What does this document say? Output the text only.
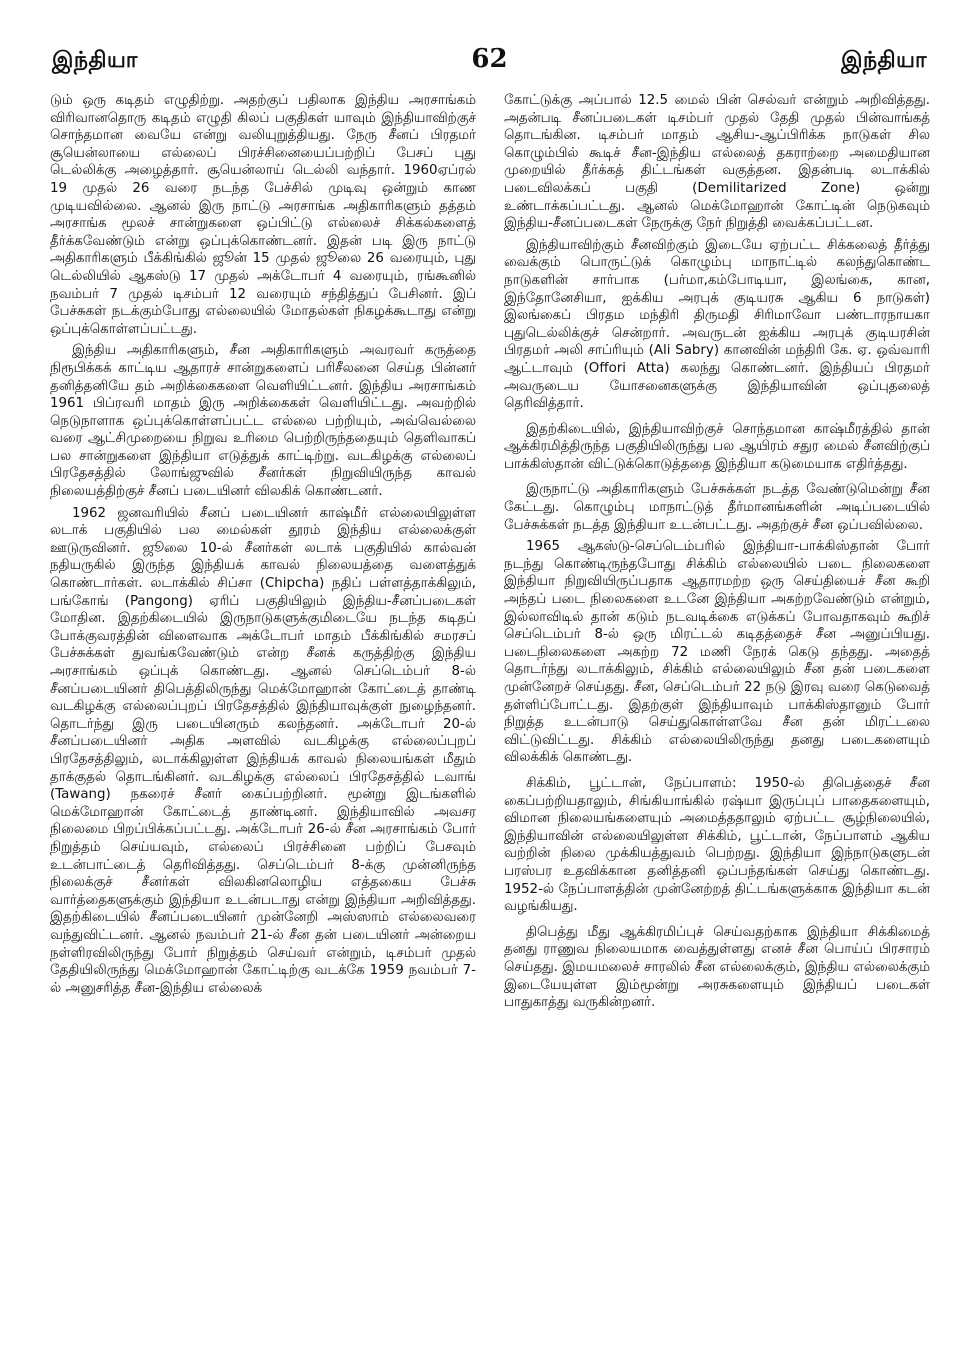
இந்தியா	62	இந்தியா

டும் ஒரு கடிதம் எழுதிற்று. அதற்குப் பதிலாக இந்திய அரசாங்கம் விரிவானதொரு கடிதம் எழுதி கிலப் பகுதிகள் யாவும் இந்தியாவிற்குச் சொந்தமான வையே என்று வலியுறுத்தியது. நேரு சீனப் பிரதமர் சூயென்லாயை எல்லைப் பிரச்சினையைப்பற்றிப் பேசப் புது டெல்லிக்கு அழைத்தார். சூயென்லாய் டெல்லி வந்தார். 1960ஏப்ரல் 19 முதல் 26 வரை நடந்த பேச்சில் முடிவு ஒன்றும் காண முடியவில்லை. ஆனல் இரு நாட்டு அரசாங்க அதிகாரிகளும் தத்தம் அரசாங்க மூலச் சான்றுகளை ஒப்பிட்டு எல்லைச் சிக்கல்களைத் தீர்க்கவேண்டும் என்று ஒப்புக்கொண்டனர். இதன் படி இரு நாட்டு அதிகாரிகளும் பீக்கிங்கில் ஜூன் 15 முதல் ஜூலை 26 வரையும், புது டெல்லியில் ஆகஸ்டு 17 முதல் அக்டோபர் 4 வரையும், ரங்கூனில் நவம்பர் 7 முதல் டிசம்பர் 12 வரையும் சந்தித்துப் பேசினர். இப் பேச்சுகள் நடக்கும்போது எல்லையில் மோதல்கள் நிகழக்கூடாது என்று ஒப்புக்கொள்ளப்பட்டது.

இந்திய அதிகாரிகளும், சீன அதிகாரிகளும் அவரவர் கருத்தை நிரூபிக்கக் காட்டிய ஆதாரச் சான்றுகளைப் பரிசீலனை செய்த பின்னர் தனித்தனியே தம் அறிக்கைகளை வெளியிட்டனர். இந்திய அரசாங்கம் 1961 பிப்ரவரி மாதம் இரு அறிக்கைகள் வெளியிட்டது. அவற்றில் நெடுநாளாக ஒப்புக்கொள்ளப்பட்ட எல்லை பற்றியும், அவ்வெல்லை வரை ஆட்சிமுறையை நிறுவ உரிமை பெற்றிருந்ததையும் தெளிவாகப் பல சான்றுகளை இந்தியா எடுத்துக் காட்டிற்று. வடகிழக்கு எல்லைப் பிரதேசத்தில் லோங்ஜுவில் சீனர்கள் நிறுவியிருந்த காவல் நிலையத்திற்குச் சீனப் படையினர் விலகிக் கொண்டனர்.

1962 ஜனவரியில் சீனப் படையினர் காஷ்மீர் எல்லையிலுள்ள லடாக் பகுதியில் பல மைல்கள் தூரம் இந்திய எல்லைக்குள் ஊடுருவினர். ஜூலை 10-ல் சீனர்கள் லடாக் பகுதியில் கால்வன் நதியருகில் இருந்த இந்தியக் காவல் நிலையத்தை வளைத்துக் கொண்டார்கள். லடாக்கில் சிப்சா (Chipcha) நதிப் பள்ளத்தாக்கிலும், பங்கோங் (Pangong) ஏரிப் பகுதியிலும் இந்திய-சீனப்படைகள் மோதின. இதற்கிடையில் இருநாடுகளுக்குமிடையே நடந்த கடிதப் போக்குவரத்தின் விளைவாக அக்டோபர் மாதம் பீக்கிங்கில் சமரசப் பேச்சுக்கள் துவங்கவேண்டும் என்ற சீனக் கருத்திற்கு இந்திய அரசாங்கம் ஒப்புக் கொண்டது. ஆனல் செப்டெம்பர் 8-ல் சீனப்படையினர் திபெத்திலிருந்து மெக்மோஹான் கோட்டைத் தாண்டி வடகிழக்கு எல்லைப்புறப் பிரதேசத்தில் இந்தியாவுக்குள் நுழைந்தனர். தொடர்ந்து இரு படையினரும் கலந்தனர். அக்டோபர் 20-ல் சீனப்படையினர் அதிக அளவில் வடகிழக்கு எல்லைப்புறப் பிரதேசத்திலும், லடாக்கிலுள்ள இந்தியக் காவல் நிலையங்கள் மீதும் தாக்குதல் தொடங்கினர். வடகிழக்கு எல்லைப் பிரதேசத்தில் டவாங் (Tawang) நகரைச் சீனர் கைப்பற்றினர். மூன்று இடங்களில் மெக்மோஹான் கோட்டைத் தாண்டினர். இந்தியாவில் அவசர நிலைமை பிறப்பிக்கப்பட்டது. அக்டோபர் 26-ல் சீன அரசாங்கம் போர் நிறுத்தம் செய்யவும், எல்லைப் பிரச்சினை பற்றிப் பேசவும் உடன்பாட்டைத் தெரிவித்தது. செப்டெம்பர் 8-க்கு முன்னிருந்த நிலைக்குச் சீனர்கள் விலகினலொழிய எத்தகைய பேச்சு வார்த்தைகளுக்கும் இந்தியா உடன்படாது என்று இந்தியா அறிவித்தது. இதற்கிடையில் சீனப்படையினர் முன்னேறி அஸ்ஸாம் எல்லைவரை வந்துவிட்டனர். ஆனல் நவம்பர் 21-ல் சீன தன் படையினர் அன்றைய நள்ளிரவிலிருந்து போர் நிறுத்தம் செய்வர் என்றும், டிசம்பர் முதல் தேதியிலிருந்து மெக்மோஹான் கோட்டிற்கு வடக்கே 1959 நவம்பர் 7-ல் அனுசரித்த சீன-இந்திய எல்லைக்

கோட்டுக்கு அப்பால் 12.5 மைல் பின் செல்வர் என்றும் அறிவித்தது. அதன்படி சீனப்படைகள் டிசம்பர் முதல் தேதி முதல் பின்வாங்கத் தொடங்கின. டிசம்பர் மாதம் ஆசிய-ஆப்பிரிக்க நாடுகள் சில கொழும்பில் கூடிச் சீன-இந்திய எல்லைத் தகராற்றை அமைதியான முறையில் தீர்க்கத் திட்டங்கள் வகுத்தன. இதன்படி லடாக்கில் படைவிலக்கப் பகுதி (Demilitarized Zone) ஒன்று உண்டாக்கப்பட்டது. ஆனல் மெக்மோஹான் கோட்டின் நெடுகவும் இந்திய-சீனப்படைகள் நேருக்கு நேர் நிறுத்தி வைக்கப்பட்டன.

இந்தியாவிற்கும் சீனவிற்கும் இடையே ஏற்பட்ட சிக்கலைத் தீர்த்து வைக்கும் பொருட்டுக் கொழும்பு மாநாட்டில் கலந்துகொண்ட நாடுகளின் சார்பாக (பர்மா,கம்போடியா, இலங்கை, கான, இந்தோனேசியா, ஐக்கிய அரபுக் குடியரசு ஆகிய 6 நாடுகள்) இலங்கைப் பிரதம மந்திரி திருமதி சிரிமாவோ பண்டாரநாயகா புதுடெல்லிக்குச் சென்றார். அவருடன் ஐக்கிய அரபுக் குடியரசின் பிரதமர் அலி சாப்ரியும் (Ali Sabry) கானவின் மந்திரி கே. ஏ. ஒவ்வாரி ஆட்டாவும் (Offori Atta) கலந்து கொண்டனர். இந்தியப் பிரதமர் அவருடைய யோசனைகளுக்கு இந்தியாவின் ஒப்புதலைத் தெரிவித்தார்.

இதற்கிடையில், இந்தியாவிற்குச் சொந்தமான காஷ்மீரத்தில் தான் ஆக்கிரமித்திருந்த பகுதியிலிருந்து பல ஆயிரம் சதுர மைல் சீனவிற்குப் பாக்கிஸ்தான் விட்டுக்கொடுத்ததை இந்தியா கடுமையாக எதிர்த்தது.

இருநாட்டு அதிகாரிகளும் பேச்சுக்கள் நடத்த வேண்டுமென்று சீன கேட்டது. கொழும்பு மாநாட்டுத் தீர்மானங்களின் அடிப்படையில் பேச்சுக்கள் நடத்த இந்தியா உடன்பட்டது. அதற்குச் சீன ஒப்பவில்லை.

1965 ஆகஸ்டு-செப்டெம்பரில் இந்தியா-பாக்கிஸ்தான் போர் நடந்து கொண்டிருந்தபோது சிக்கிம் எல்லையில் படை நிலைகளை இந்தியா நிறுவியிருப்பதாக ஆதாரமற்ற ஒரு செய்தியைச் சீன கூறி அந்தப் படை நிலைகளை உடனே இந்தியா அகற்றவேண்டும் என்றும், இல்லாவிடில் தான் கடும் நடவடிக்கை எடுக்கப் போவதாகவும் கூறிச் செப்டெம்பர் 8-ல் ஒரு மிரட்டல் கடிதத்தைச் சீன அனுப்பியது. படைநிலைகளை அகற்ற 72 மணி நேரக் கெடு தந்தது. அதைத் தொடர்ந்து லடாக்கிலும், சிக்கிம் எல்லையிலும் சீன தன் படைகளை முன்னேறச் செய்தது. சீன, செப்டெம்பர் 22 நடு இரவு வரை கெடுவைத் தள்ளிப்போட்டது. இதற்குள் இந்தியாவும் பாக்கிஸ்தானும் போர் நிறுத்த உடன்பாடு செய்துகொள்ளவே சீன தன் மிரட்டலை விட்டுவிட்டது. சிக்கிம் எல்லையிலிருந்து தனது படைகளையும் விலக்கிக் கொண்டது.

சிக்கிம், பூட்டான், நேப்பாளம்: 1950-ல் திபெத்தைச் சீன கைப்பற்றியதாலும், சிங்கியாங்கில் ரஷ்யா இருப்புப் பாதைகளையும், விமான நிலையங்களையும் அமைத்ததாலும் ஏற்பட்ட சூழ்நிலையில், இந்தியாவின் எல்லையிலுள்ள சிக்கிம், பூட்டான், நேப்பாளம் ஆகிய வற்றின் நிலை முக்கியத்துவம் பெற்றது. இந்தியா இந்நாடுகளுடன் பரஸ்பர உதவிக்கான தனித்தனி ஒப்பந்தங்கள் செய்து கொண்டது. 1952-ல் நேப்பாளத்தின் முன்னேற்றத் திட்டங்களுக்காக இந்தியா கடன் வழங்கியது.

திபெத்து மீது ஆக்கிரமிப்புச் செய்வதற்காக இந்தியா சிக்கிமைத் தனது ராணுவ நிலையமாக வைத்துள்ளது எனச் சீன பொய்ப் பிரசாரம் செய்தது. இமயமலைச் சாரலில் சீன எல்லைக்கும், இந்திய எல்லைக்கும் இடையேயுள்ள இம்மூன்று அரசுகளையும் இந்தியப் படைகள் பாதுகாத்து வருகின்றனர்.
